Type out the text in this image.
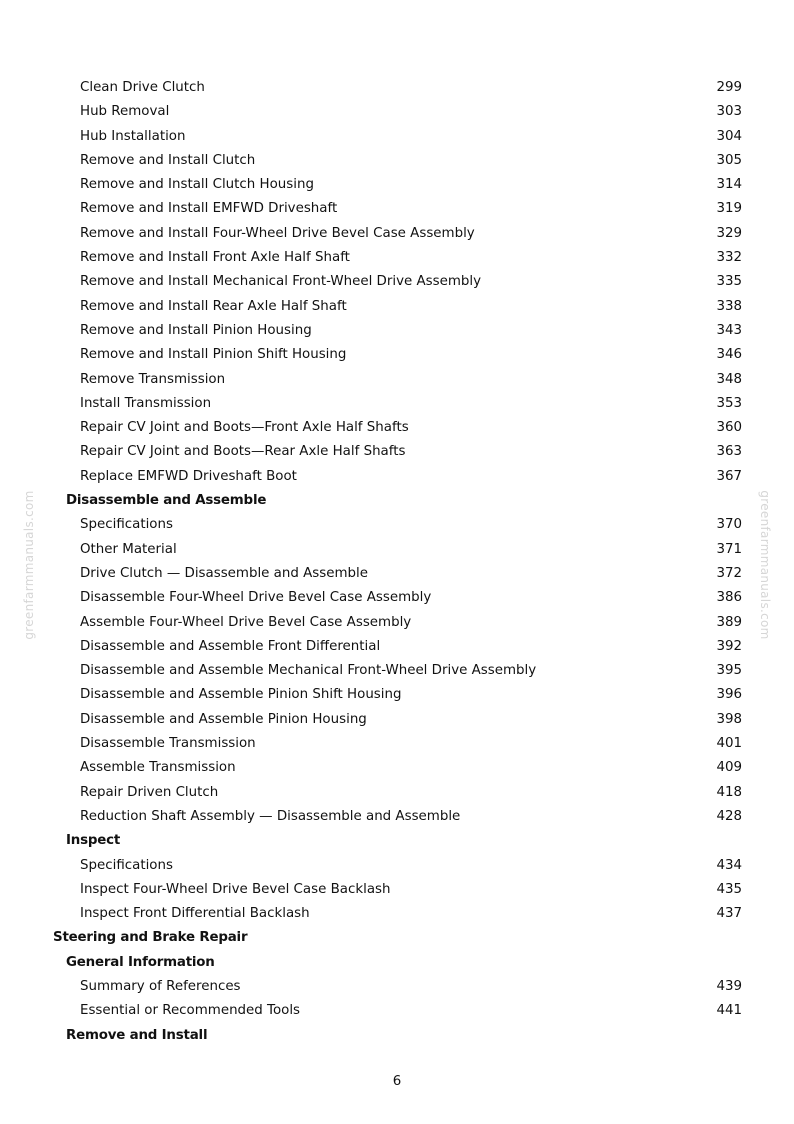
Clean Drive Clutch	299
Hub Removal	303
Hub Installation	304
Remove and Install Clutch	305
Remove and Install Clutch Housing	314
Remove and Install EMFWD Driveshaft	319
Remove and Install Four-Wheel Drive Bevel Case Assembly	329
Remove and Install Front Axle Half Shaft	332
Remove and Install Mechanical Front-Wheel Drive Assembly	335
Remove and Install Rear Axle Half Shaft	338
Remove and Install Pinion Housing	343
Remove and Install Pinion Shift Housing	346
Remove Transmission	348
Install Transmission	353
Repair CV Joint and Boots—Front Axle Half Shafts	360
Repair CV Joint and Boots—Rear Axle Half Shafts	363
Replace EMFWD Driveshaft Boot	367
Disassemble and Assemble
Specifications	370
Other Material	371
Drive Clutch — Disassemble and Assemble	372
Disassemble Four-Wheel Drive Bevel Case Assembly	386
Assemble Four-Wheel Drive Bevel Case Assembly	389
Disassemble and Assemble Front Differential	392
Disassemble and Assemble Mechanical Front-Wheel Drive Assembly	395
Disassemble and Assemble Pinion Shift Housing	396
Disassemble and Assemble Pinion Housing	398
Disassemble Transmission	401
Assemble Transmission	409
Repair Driven Clutch	418
Reduction Shaft Assembly — Disassemble and Assemble	428
Inspect
Specifications	434
Inspect Four-Wheel Drive Bevel Case Backlash	435
Inspect Front Differential Backlash	437
Steering and Brake Repair
General Information
Summary of References	439
Essential or Recommended Tools	441
Remove and Install
greenfarmmanuals.com	greenfarmmanuals.com
6
